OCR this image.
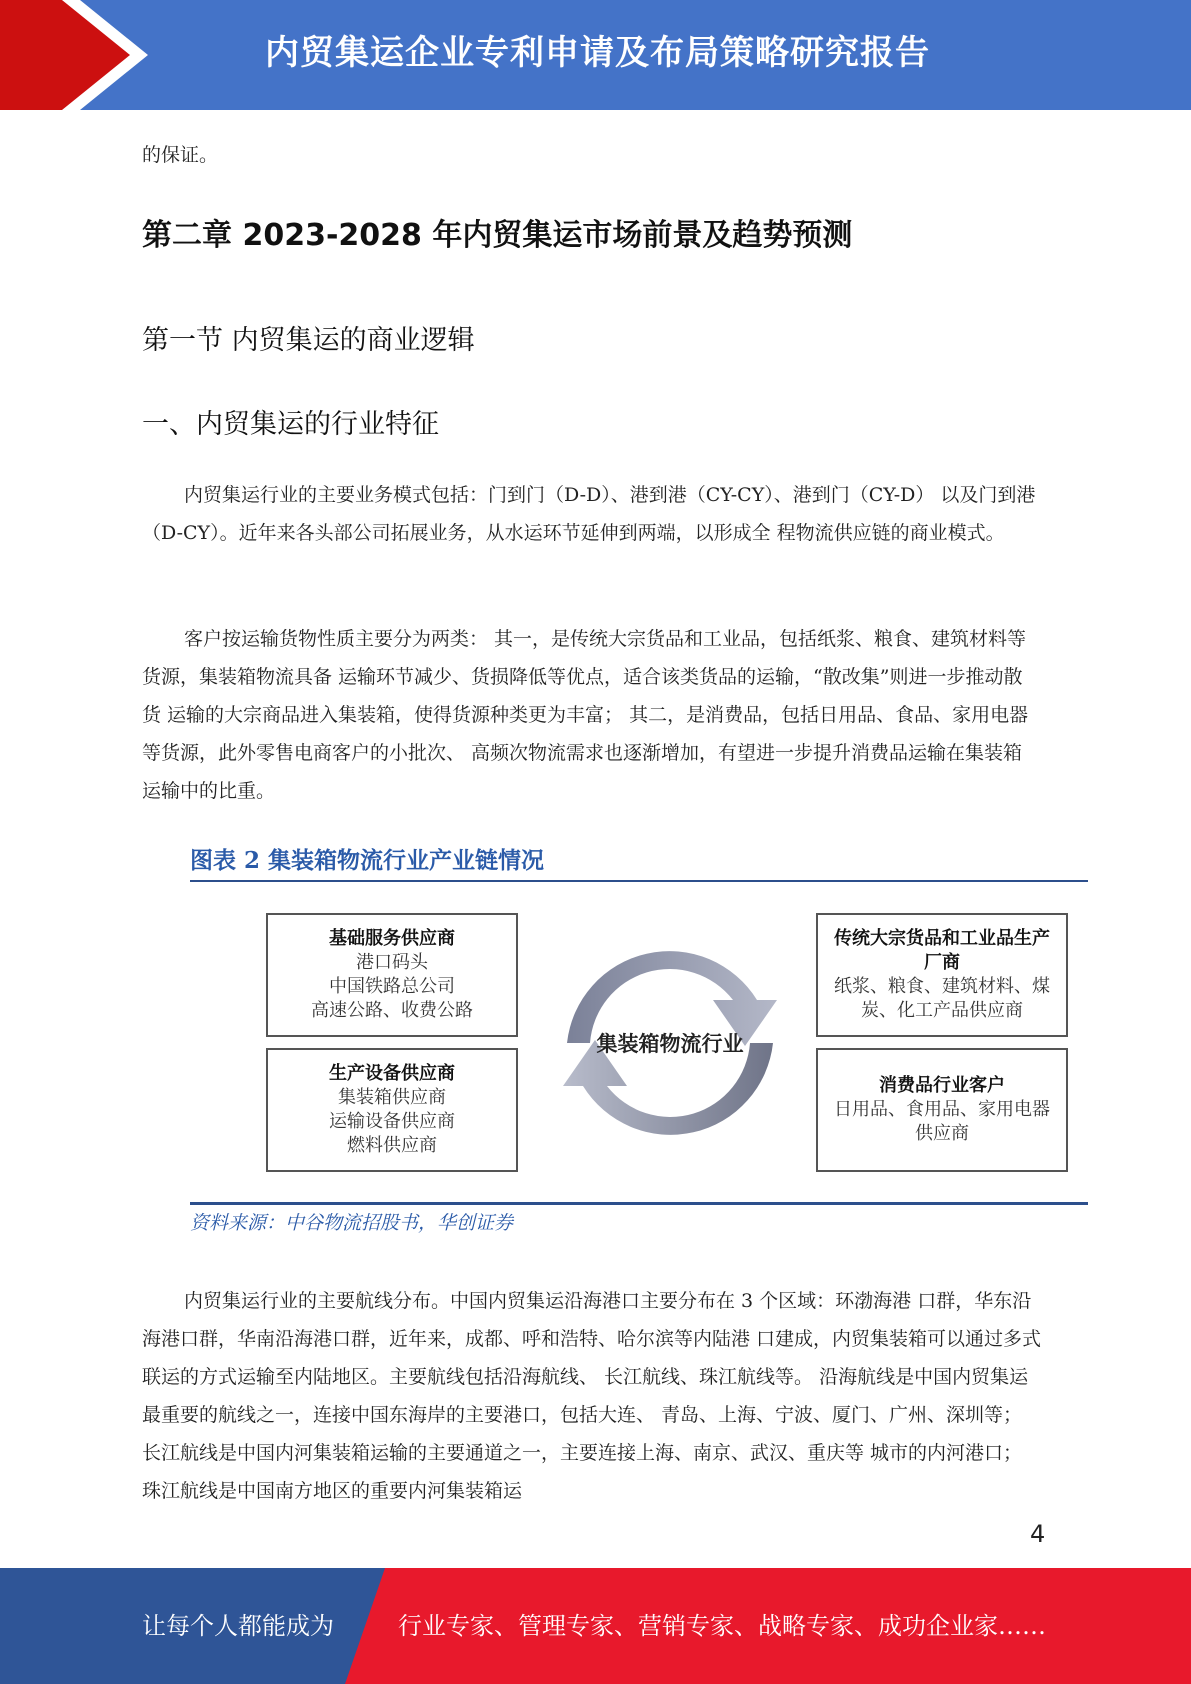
内贸集运企业专利申请及布局策略研究报告

的保证。

第二章 2023-2028 年内贸集运市场前景及趋势预测
第一节 内贸集运的商业逻辑
一、内贸集运的行业特征

内贸集运行业的主要业务模式包括：门到门（D-D）、港到港（CY-CY）、港到门（CY-D） 以及门到港（D-CY）。近年来各头部公司拓展业务，从水运环节延伸到两端，以形成全 程物流供应链的商业模式。

客户按运输货物性质主要分为两类： 其一，是传统大宗货品和工业品，包括纸浆、粮食、建筑材料等货源，集装箱物流具备 运输环节减少、货损降低等优点，适合该类货品的运输，“散改集”则进一步推动散货 运输的大宗商品进入集装箱，使得货源种类更为丰富； 其二，是消费品，包括日用品、食品、家用电器等货源，此外零售电商客户的小批次、 高频次物流需求也逐渐增加，有望进一步提升消费品运输在集装箱运输中的比重。

图表 2 集装箱物流行业产业链情况
基础服务供应商
港口码头
中国铁路总公司
高速公路、收费公路
生产设备供应商
集装箱供应商
运输设备供应商
燃料供应商
传统大宗货品和工业品生产厂商
纸浆、粮食、建筑材料、煤炭、化工产品供应商
消费品行业客户
日用品、食用品、家用电器供应商
集装箱物流行业
资料来源：中谷物流招股书，华创证券

内贸集运行业的主要航线分布。中国内贸集运沿海港口主要分布在 3 个区域：环渤海港 口群，华东沿海港口群，华南沿海港口群，近年来，成都、呼和浩特、哈尔滨等内陆港 口建成，内贸集装箱可以通过多式联运的方式运输至内陆地区。主要航线包括沿海航线、 长江航线、珠江航线等。 沿海航线是中国内贸集运最重要的航线之一，连接中国东海岸的主要港口，包括大连、 青岛、上海、宁波、厦门、广州、深圳等； 长江航线是中国内河集装箱运输的主要通道之一，主要连接上海、南京、武汉、重庆等 城市的内河港口； 珠江航线是中国南方地区的重要内河集装箱运

4
让每个人都能成为	行业专家、管理专家、营销专家、战略专家、成功企业家……
